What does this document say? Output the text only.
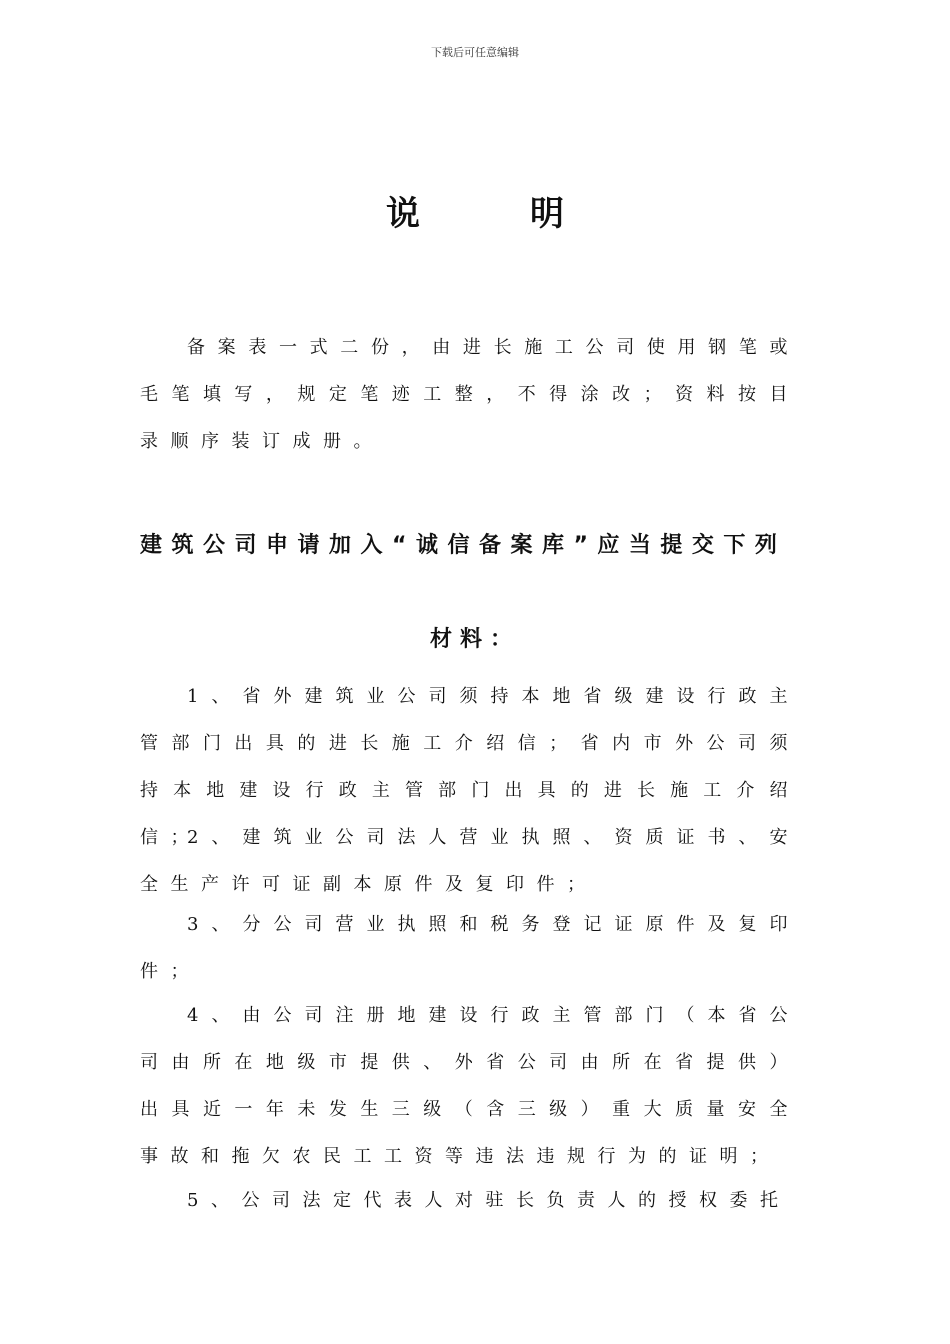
下载后可任意编辑
说	明
备案表一式二份，由进长施工公司使用钢笔或毛笔填写，规定笔迹工整，不得涂改；资料按目录顺序装订成册。
建筑公司申请加入“诚信备案库”应当提交下列
材料：
1、省外建筑业公司须持本地省级建设行政主管部门出具的进长施工介绍信；省内市外公司须持本地建设行政主管部门出具的进长施工介绍信；
2、建筑业公司法人营业执照、资质证书、安全生产许可证副本原件及复印件；
3、分公司营业执照和税务登记证原件及复印件；
4、由公司注册地建设行政主管部门（本省公司由所在地级市提供、外省公司由所在省提供）出具近一年未发生三级（含三级）重大质量安全事故和拖欠农民工工资等违法违规行为的证明；
5、公司法定代表人对驻长负责人的授权委托
